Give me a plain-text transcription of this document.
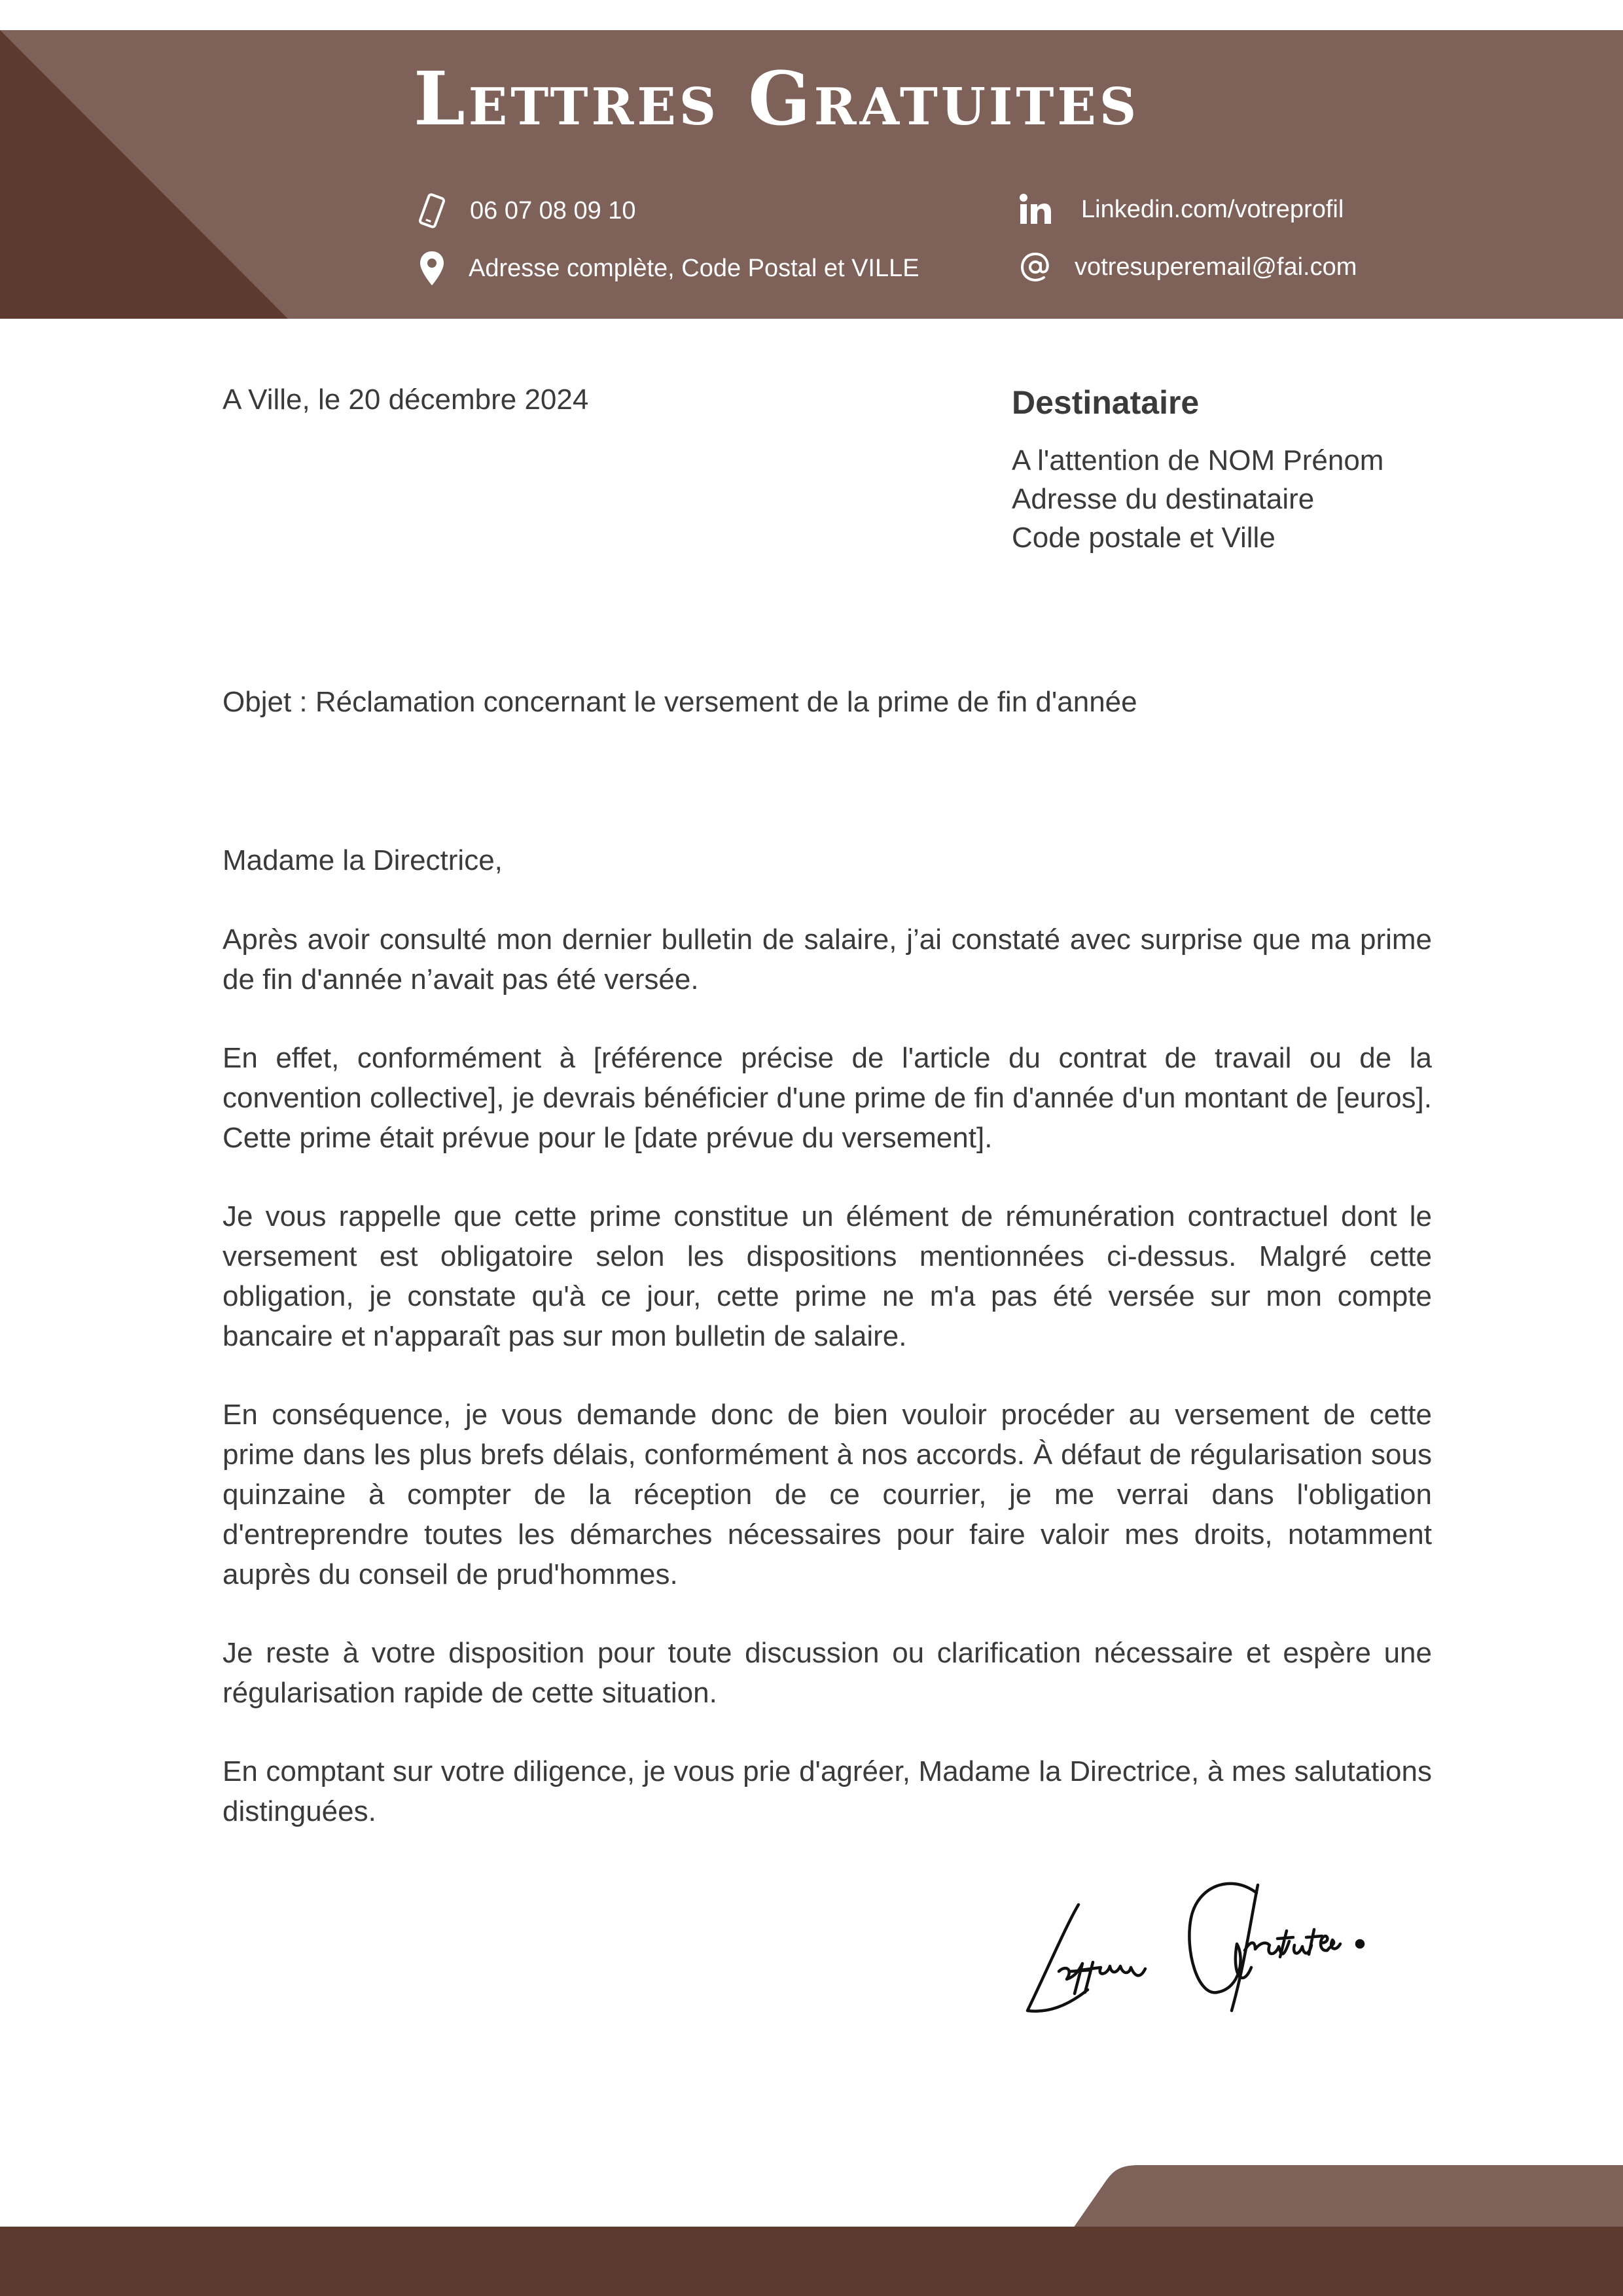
Lettres Gratuites
06 07 08 09 10
Adresse complète, Code Postal et VILLE
Linkedin.com/votreprofil
votresuperemail@fai.com
A Ville, le 20 décembre 2024	Destinataire
A l'attention de NOM Prénom
Adresse du destinataire
Code postale et Ville
Objet : Réclamation concernant le versement de la prime de fin d'année

Madame la Directrice,

Après avoir consulté mon dernier bulletin de salaire, j’ai constaté avec surprise que ma prime de fin d'année n’avait pas été versée.

En effet, conformément à [référence précise de l'article du contrat de travail ou de la convention collective], je devrais bénéficier d'une prime de fin d'année d'un montant de [euros]. Cette prime était prévue pour le [date prévue du versement].

Je vous rappelle que cette prime constitue un élément de rémunération contractuel dont le versement est obligatoire selon les dispositions mentionnées ci-dessus. Malgré cette obligation, je constate qu'à ce jour, cette prime ne m'a pas été versée sur mon compte bancaire et n'apparaît pas sur mon bulletin de salaire.

En conséquence, je vous demande donc de bien vouloir procéder au versement de cette prime dans les plus brefs délais, conformément à nos accords. À défaut de régularisation sous quinzaine à compter de la réception de ce courrier, je me verrai dans l'obligation d'entreprendre toutes les démarches nécessaires pour faire valoir mes droits, notamment auprès du conseil de prud'hommes.

Je reste à votre disposition pour toute discussion ou clarification nécessaire et espère une régularisation rapide de cette situation.

En comptant sur votre diligence, je vous prie d'agréer, Madame la Directrice, à mes salutations distinguées.
